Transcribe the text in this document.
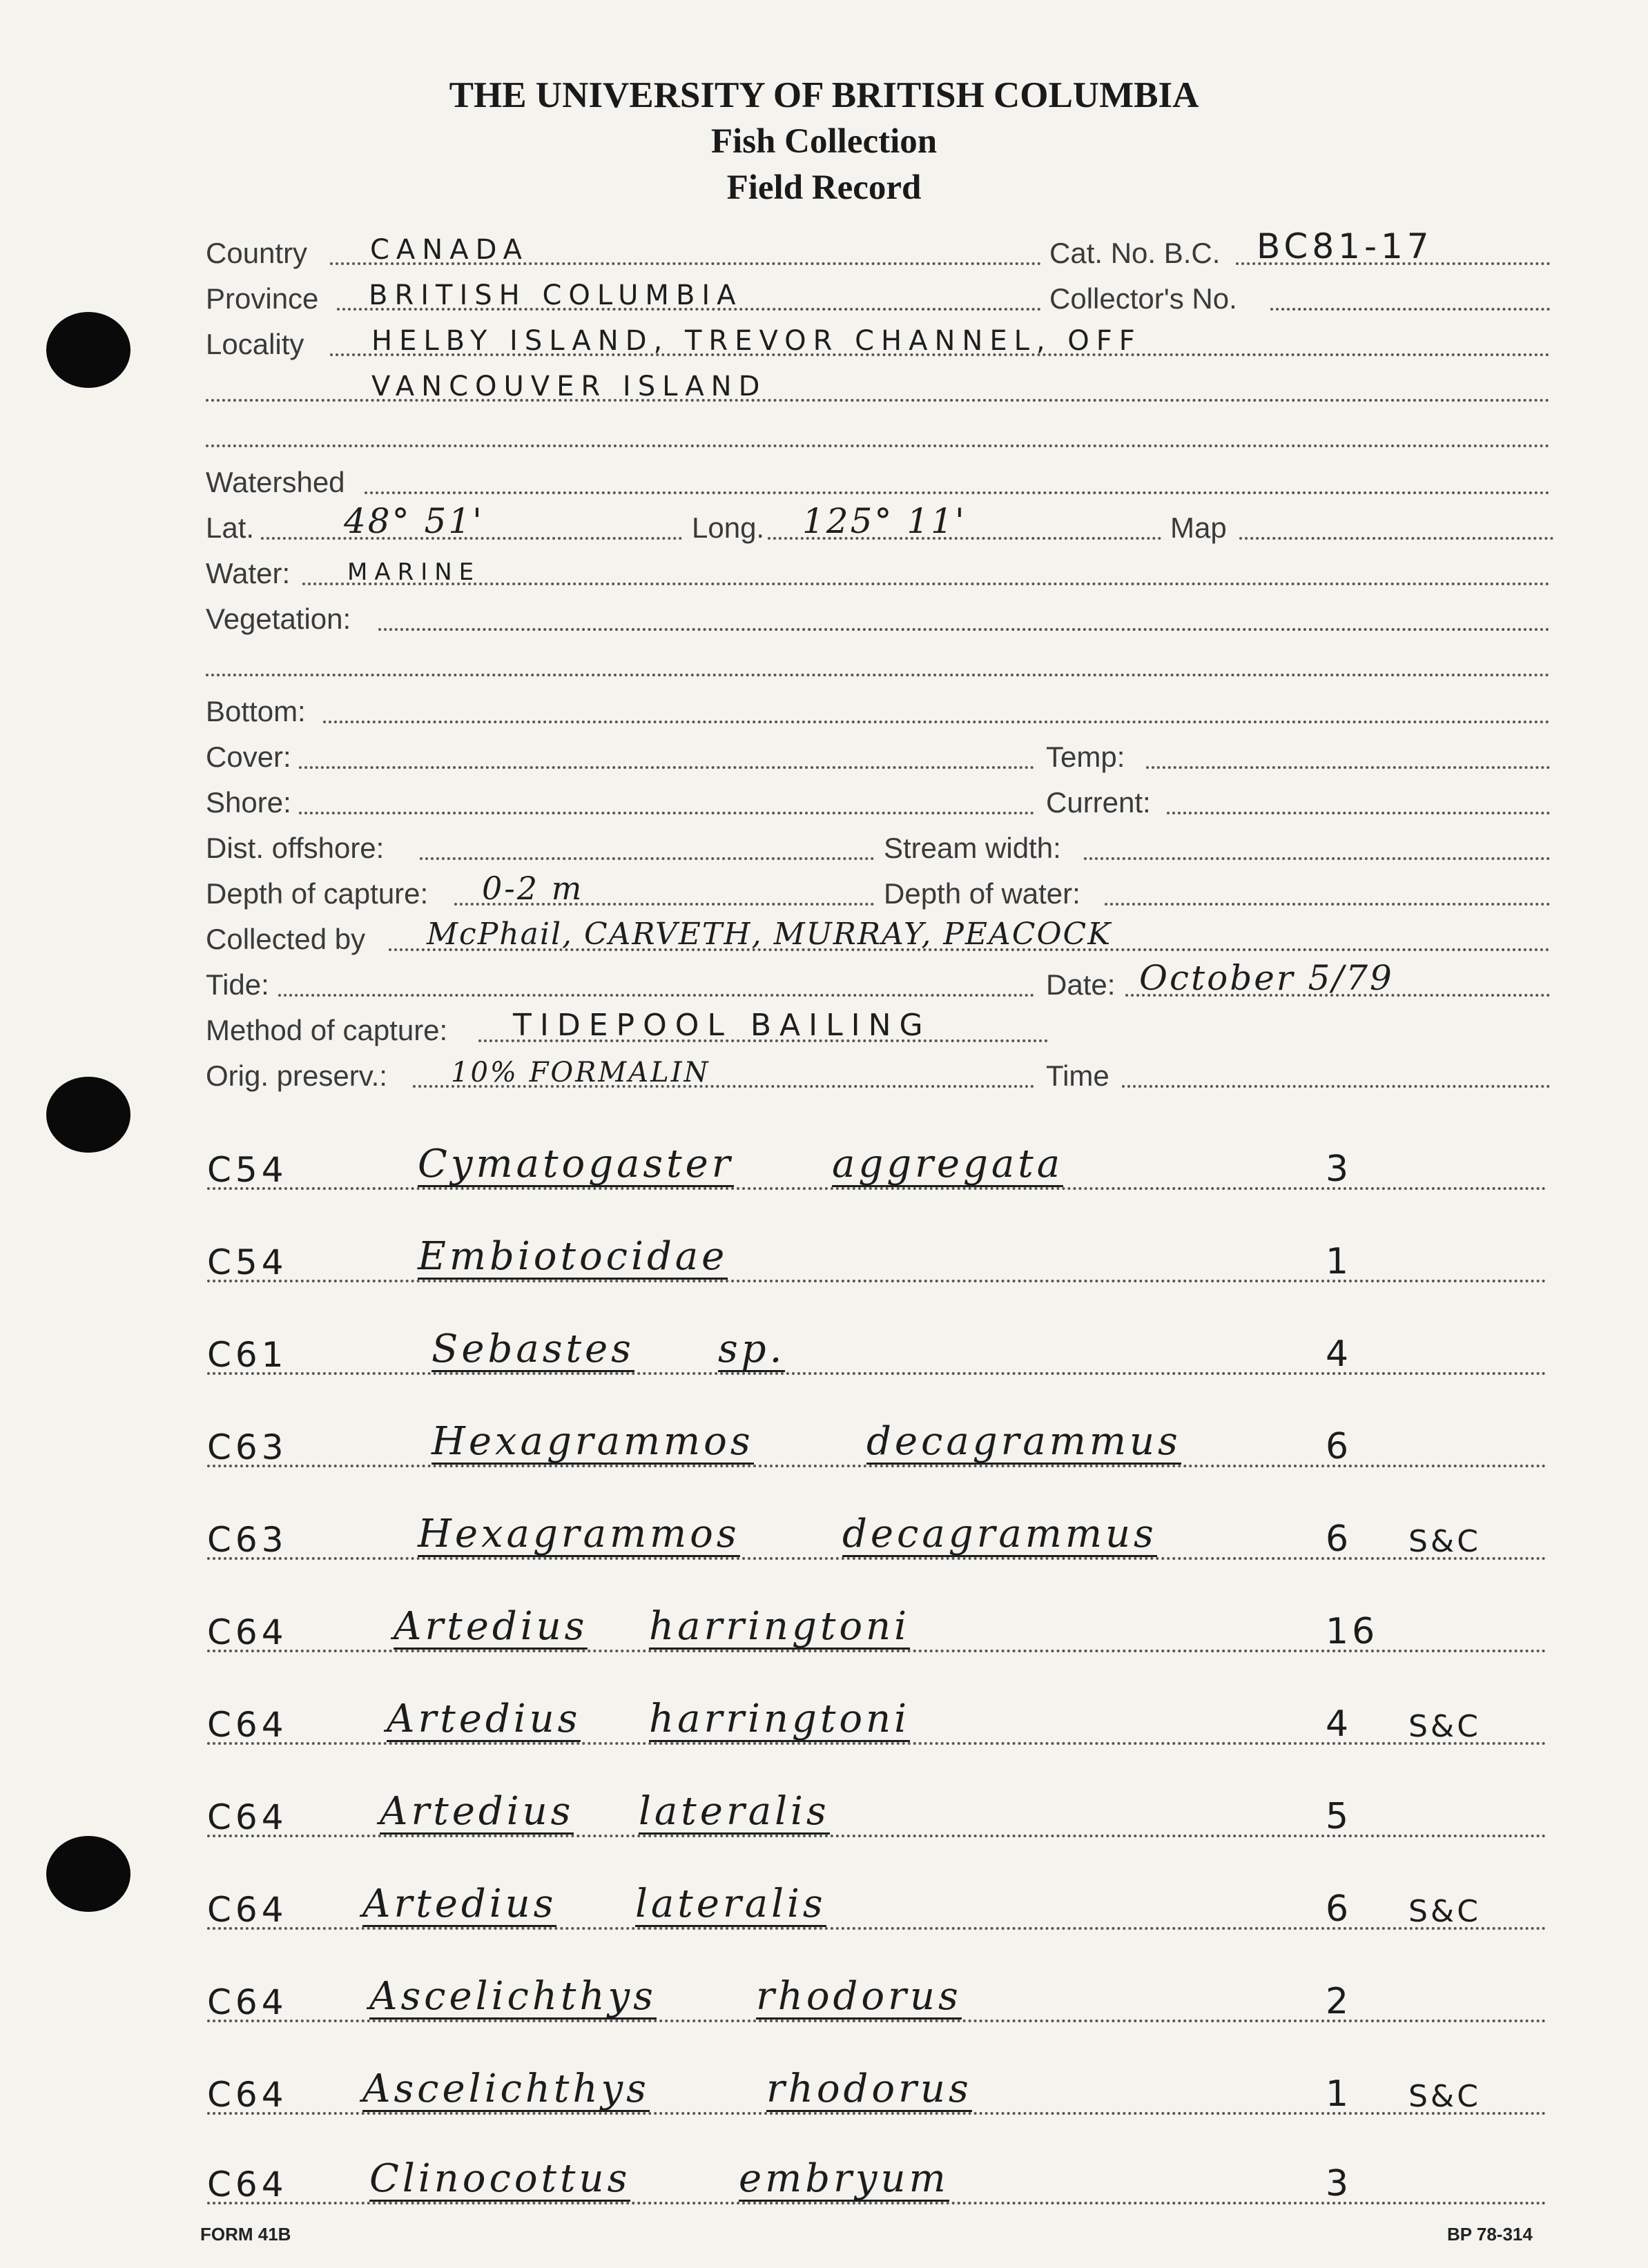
THE UNIVERSITY OF BRITISH COLUMBIA
Fish Collection
Field Record
Country CANADA	Cat. No. B.C. BC81-17
Province BRITISH COLUMBIA	Collector's No.
Locality HELBY ISLAND, TREVOR CHANNEL, OFF
VANCOUVER ISLAND
Watershed
Lat.	48° 51'	Long. 125° 11'	Map
Water: MARINE
Vegetation:
Bottom:
Cover:	Temp:
Shore:	Current:
Dist. offshore:	Stream width:
Depth of capture: 0-2 m	Depth of water:
Collected by McPhail, CARVETH, MURRAY, PEACOCK
Tide:	Date: October 5/79
Method of capture: TIDEPOOL BAILING
Orig. preserv.: 10% FORMALIN	Time
C54	Cymatogaster	aggregata	3
C54	Embiotocidae	1
C61	Sebastes sp.	4
C63	Hexagrammos	decagrammus	6
C63	Hexagrammos	decagrammus	6 S&C
C64	Artedius harringtoni	16
C64	Artedius harringtoni	4 S&C
C64 Artedius lateralis	5
C64 Artedius lateralis	6 S&C
C64 Ascelichthys	rhodorus	2
C64 Ascelichthys	rhodorus	1 S&C
C64 Clinocottus	embryum	3
FORM 41B	BP 78-314
